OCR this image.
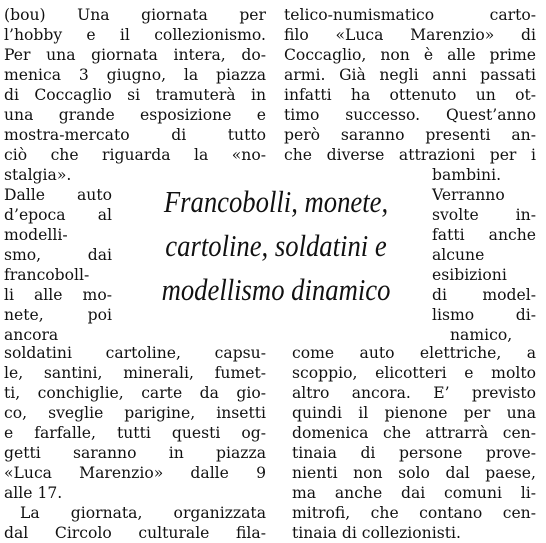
(bou) Una giornata per
l’hobby e il collezionismo.
Per una giornata intera, do-
menica 3 giugno, la piazza
di Coccaglio si tramuterà in
una grande esposizione e
mostra-mercato di tutto
ciò che riguarda la «no-
stalgia».
Dalle auto
d’epoca al
modelli-
smo, dai
francoboll-
li alle mo-
nete, poi
ancora
soldatini cartoline, capsu-
le, santini, minerali, fumet-
ti, conchiglie, carte da gio-
co, sveglie parigine, insetti
e farfalle, tutti questi og-
getti saranno in piazza
«Luca Marenzio» dalle 9
alle 17.
La giornata, organizzata
dal Circolo culturale fila-
telico-numismatico carto-
filo «Luca Marenzio» di
Coccaglio, non è alle prime
armi. Già negli anni passati
infatti ha ottenuto un ot-
timo successo. Quest’anno
però saranno presenti an-
che diverse attrazioni per i
bambini.
Verranno
svolte in-
fatti anche
alcune
esibizioni
di model-
lismo di-
namico,
come auto elettriche, a
scoppio, elicotteri e molto
altro ancora. E’ previsto
quindi il pienone per una
domenica che attrarrà cen-
tinaia di persone prove-
nienti non solo dal paese,
ma anche dai comuni li-
mitrofi, che contano cen-
tinaia di collezionisti.
Francobolli, monete,
cartoline, soldatini e
modellismo dinamico
